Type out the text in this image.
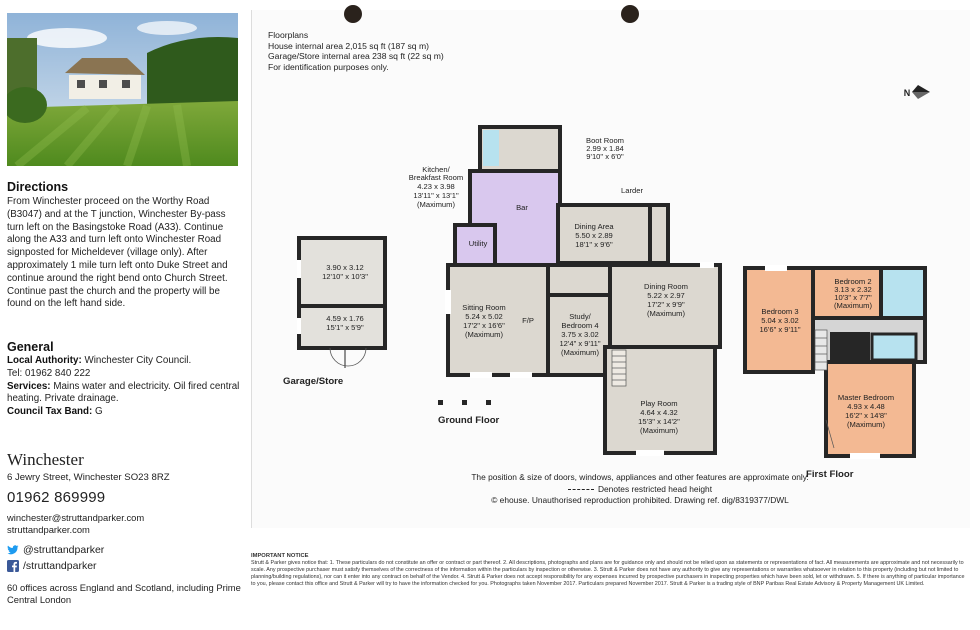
Directions
From Winchester proceed on the Worthy Road (B3047) and at the T junction, Winchester By-pass turn left on the Basingstoke Road (A33). Continue along the A33 and turn left onto Winchester Road signposted for Micheldever (village only). After approximately 1 mile turn left onto Duke Street and continue around the right bend onto Church Street. Continue past the church and the property will be found on the left hand side.
General
Local Authority: Winchester City Council.
Tel: 01962 840 222
Services: Mains water and electricity. Oil fired central heating. Private drainage.
Council Tax Band: G
Winchester
6 Jewry Street, Winchester SO23 8RZ
01962 869999
winchester@struttandparker.com
struttandparker.com
@struttandparker
/struttandparker
60 offices across England and Scotland, including Prime Central London
Floorplans
House internal area 2,015 sq ft (187 sq m)
Garage/Store internal area 238 sq ft (22 sq m)
For identification purposes only.
N
3.90 x 3.12
12'10" x 10'3"
4.59 x 1.76
15'1" x 5'9"
Garage/Store
Boot Room
2.99 x 1.84
9'10" x 6'0"
Kitchen/
Breakfast Room
4.23 x 3.98
13'11" x 13'1"
(Maximum)
Larder
Bar
Utility
Dining Area
5.50 x 2.89
18'1" x 9'6"
Sitting Room
5.24 x 5.02
17'2" x 16'6"
(Maximum)
F/P	Study/
Bedroom 4
3.75 x 3.02
12'4" x 9'11"
(Maximum)
Dining Room
5.22 x 2.97
17'2" x 9'9"
(Maximum)
Play Room
4.64 x 4.32
15'3" x 14'2"
(Maximum)
Ground Floor
Bedroom 3
5.04 x 3.02
16'6" x 9'11"
Bedroom 2
3.13 x 2.32
10'3" x 7'7"
(Maximum)
Master Bedroom
4.93 x 4.48
16'2" x 14'8"
(Maximum)
First Floor
The position & size of doors, windows, appliances and other features are approximate only.
Denotes restricted head height
© ehouse. Unauthorised reproduction prohibited. Drawing ref. dig/8319377/DWL
IMPORTANT NOTICE
Strutt & Parker gives notice that: 1. These particulars do not constitute an offer or contract or part thereof. 2. All descriptions, photographs and plans are for guidance only and should not be relied upon as statements or representations of fact. All measurements are approximate and not necessarily to scale. Any prospective purchaser must satisfy themselves of the correctness of the information within the particulars by inspection or otherwise. 3. Strutt & Parker does not have any authority to give any representations or warranties whatsoever in relation to this property (including but not limited to planning/building regulations), nor can it enter into any contract on behalf of the Vendor. 4. Strutt & Parker does not accept responsibility for any expenses incurred by prospective purchasers in inspecting properties which have been sold, let or withdrawn. 5. If there is anything of particular importance to you, please contact this office and Strutt & Parker will try to have the information checked for you. Photographs taken November 2017. Particulars prepared November 2017. Strutt & Parker is a trading style of BNP Paribas Real Estate Advisory & Property Management UK Limited.
